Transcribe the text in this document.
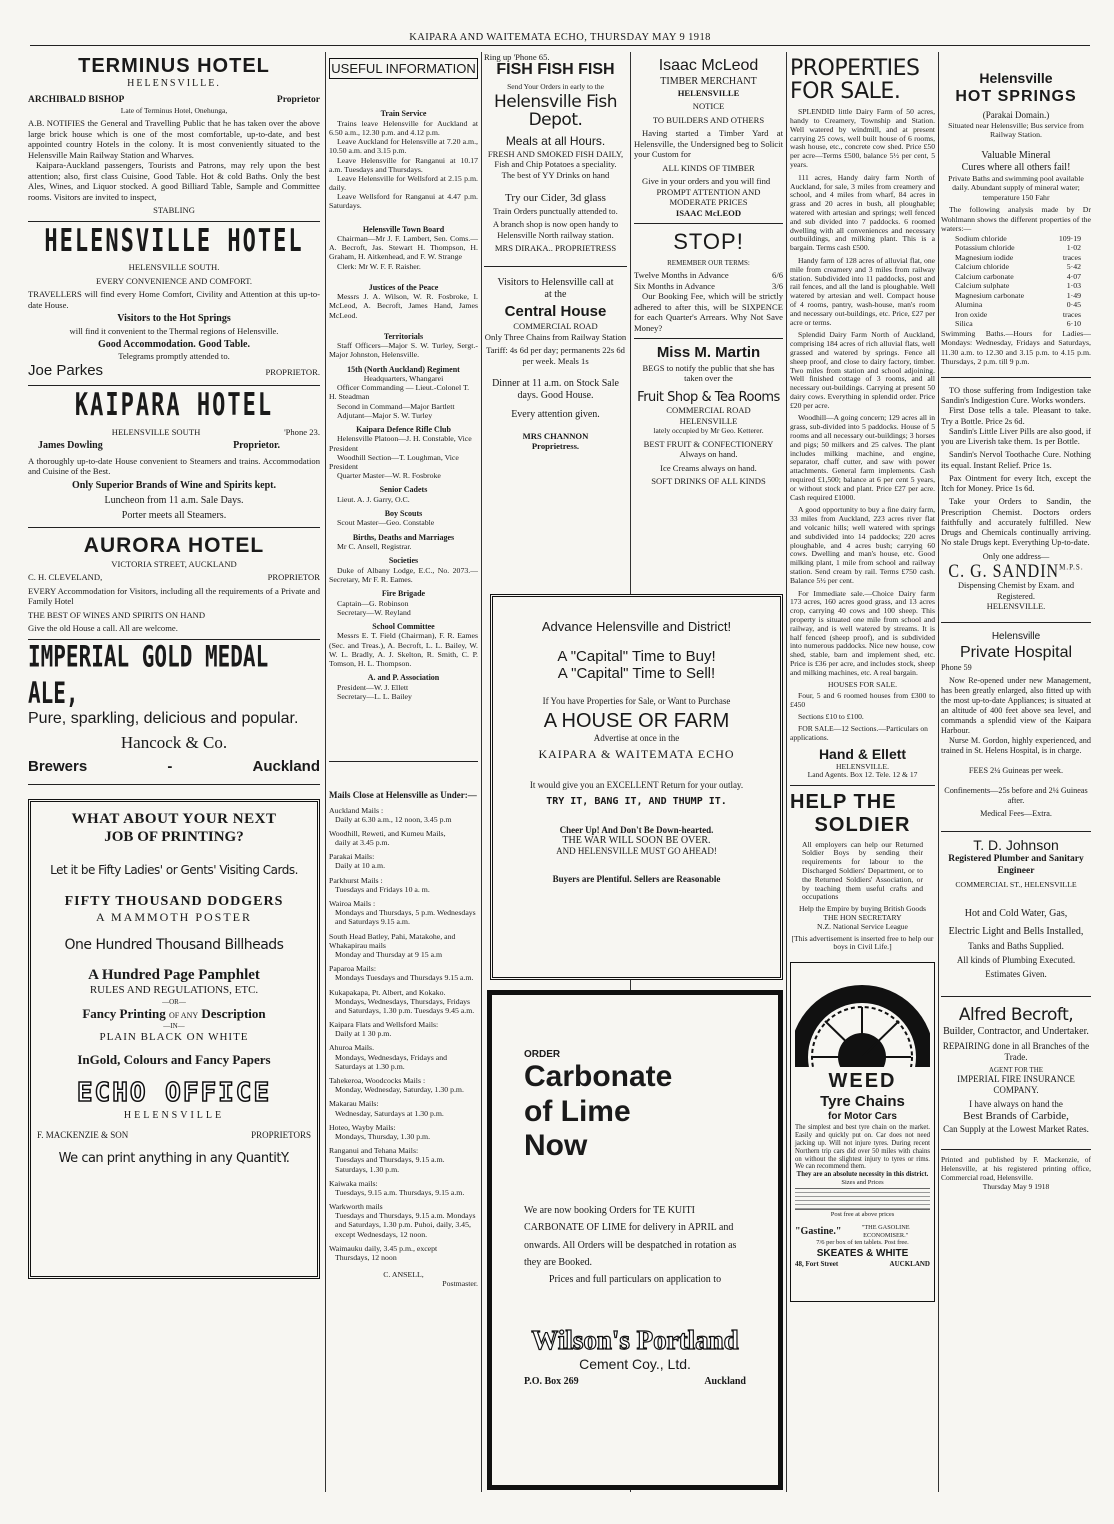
KAIPARA AND WAITEMATA ECHO, THURSDAY MAY 9 1918
TERMINUS HOTEL
HELENSVILLE.
ARCHIBALD BISHOP	Proprietor
Late of Terminus Hotel, Onehunga,
A.B. NOTIFIES the General and Travelling Public that he has taken over the above large brick house which is one of the most comfortable, up-to-date, and best appointed country Hotels in the colony. It is most conveniently situated to the Helensville Main Railway Station and Wharves.
Kaipara-Auckland passengers, Tourists and Patrons, may rely upon the best attention; also, first class Cuisine, Good Table. Hot & cold Baths. Only the best Ales, Wines, and Liquor stocked. A good Billiard Table, Sample and Committee rooms. Visitors are invited to inspect,
STABLING
HELENSVILLE HOTEL
HELENSVILLE SOUTH.
EVERY CONVENIENCE AND COMFORT.
TRAVELLERS will find every Home Comfort, Civility and Attention at this up-to-date House.
Visitors to the Hot Springs
will find it convenient to the Thermal regions of Helensville.
Good Accommodation. Good Table.
Telegrams promptly attended to.
Joe Parkes	PROPRIETOR.
KAIPARA HOTEL
HELENSVILLE SOUTH	'Phone 23.
James Dowling	Proprietor.
A thoroughly up-to-date House convenient to Steamers and trains. Accommodation and Cuisine of the Best.
Only Superior Brands of Wine and Spirits kept.
Luncheon from 11 a.m. Sale Days.
Porter meets all Steamers.
AURORA HOTEL
VICTORIA STREET, AUCKLAND
C. H. CLEVELAND,	PROPRIETOR
EVERY Accommodation for Visitors, including all the requirements of a Private and Family Hotel
THE BEST OF WINES AND SPIRITS ON HAND
Give the old House a call. All are welcome.
IMPERIAL GOLD MEDAL ALE,
Pure, sparkling, delicious and popular.
Hancock & Co.
Brewers	-	Auckland
WHAT ABOUT YOUR NEXT
JOB OF PRINTING?
Let it be Fifty Ladies' or Gents' Visiting Cards.
FIFTY THOUSAND DODGERS
A MAMMOTH POSTER
One Hundred Thousand Billheads
A Hundred Page Pamphlet
RULES AND REGULATIONS, ETC.
—OR—
Fancy Printing OF ANY Description
—IN—
PLAIN BLACK ON WHITE
InGold, Colours and Fancy Papers
ECHO OFFICE
HELENSVILLE
F. MACKENZIE & SON	PROPRIETORS
We can print anything in any QuantitY.
USEFUL INFORMATION
Train Service
Trains leave Helensville for Auckland at 6.50 a.m., 12.30 p.m. and 4.12 p.m.
Leave Auckland for Helensville at 7.20 a.m., 10.50 a.m. and 3.15 p.m.
Leave Helensville for Ranganui at 10.17 a.m. Tuesdays and Thursdays.
Leave Helensville for Wellsford at 2.15 p.m. daily.
Leave Wellsford for Ranganui at 4.47 p.m. Saturdays.
Helensville Town Board
Chairman—Mr J. F. Lambert, Sen. Coms.—A. Becroft, Jas. Stewart H. Thompson, H. Graham, H. Aitkenhead, and F. W. Strange
Clerk: Mr W. F. F. Raisher.
Justices of the Peace
Messrs J. A. Wilson, W. R. Fosbroke, I. McLeod, A. Becroft, James Hand, James McLeod.
Territorials
Staff Officers—Major S. W. Turley, Sergt.-Major Johnston, Helensville.
15th (North Auckland) Regiment
Headquarters, Whangarei
Officer Commanding — Lieut.-Colonel T. H. Steadman
Second in Command—Major Bartlett
Adjutant—Major S. W. Turley
Kaipara Defence Rifle Club
Helensville Platoon—J. H. Constable, Vice President
Woodhill Section—T. Loughman, Vice President
Quarter Master—W. R. Fosbroke
Senior Cadets
Lieut. A. J. Garry, O.C.
Boy Scouts
Scout Master—Geo. Constable
Births, Deaths and Marriages
Mr C. Ansell, Registrar.
Societies
Duke of Albany Lodge, E.C., No. 2073.—Secretary, Mr F. R. Eames.
Fire Brigade
Captain—G. Robinson
Secretary—W. Reyland
School Committee
Messrs E. T. Field (Chairman), F. R. Eames (Sec. and Treas.), A. Becroft, L. L. Bailey, W. W. L. Bradly, A. J. Skelton, R. Smith, C. P. Tomson, H. L. Thompson.
A. and P. Association
President—W. J. Ellett
Secretary—L. L. Bailey
Mails Close at Helensville as Under:—
Auckland Mails :
Daily at 6.30 a.m., 12 noon, 3.45 p.m
Woodhill, Reweti, and Kumeu Mails,
daily at 3.45 p.m.
Parakai Mails:
Daily at 10 a.m.
Parkhurst Mails :
Tuesdays and Fridays 10 a. m.
Wairoa Mails :
Mondays and Thursdays, 5 p.m. Wednesdays and Saturdays 9.15 a.m.
South Head Batley, Pahi, Matakohe, and Whakapirau mails
Monday and Thursday at 9 15 a.m
Paparoa Mails:
Mondays Tuesdays and Thursdays 9.15 a.m.
Kukapakapa, Pt. Albert, and Kokako.
Mondays, Wednesdays, Thursdays, Fridays and Saturdays, 1.30 p.m. Tuesdays 9.45 a.m.
Kaipara Flats and Wellsford Mails:
Daily at 1 30 p.m.
Ahuroa Mails.
Mondays, Wednesdays, Fridays and Saturdays at 1.30 p.m.
Tahekeroa, Woodcocks Mails :
Monday, Wednesday, Saturday, 1.30 p.m.
Makarau Mails:
Wednesday, Saturdays at 1.30 p.m.
Hoteo, Wayby Mails:
Mondays, Thursday, 1.30 p.m.
Ranganui and Tehana Mails:
Tuesdays and Thursdays, 9.15 a.m. Saturdays, 1.30 p.m.
Kaiwaka mails:
Tuesdays, 9.15 a.m. Thursdays, 9.15 a.m.
Warkworth mails
Tuesdays and Thursdays, 9.15 a.m. Mondays and Saturdays, 1.30 p.m. Puhoi, daily, 3.45, except Wednesdays, 12 noon.
Waimauku daily, 3.45 p.m., except
Thursdays, 12 noon
C. ANSELL,
Postmaster.
Ring up 'Phone 65.
FISH FISH FISH
Send Your Orders in early to the
Helensville Fish Depot.
Meals at all Hours.
FRESH AND SMOKED FISH DAILY,
Fish and Chip Potatoes a speciality.
The best of YY Drinks on hand
Try our Cider, 3d glass
Train Orders punctually attended to.
A branch shop is now open handy to Helensville North railway station.
MRS DIRAKA.. PROPRIETRESS
Visitors to Helensville call at
at the
Central House
COMMERCIAL ROAD
Only Three Chains from Railway Station
Tariff: 4s 6d per day; permanents 22s 6d per week. Meals 1s
Dinner at 11 a.m. on Stock Sale days. Good House.
Every attention given.
MRS CHANNON
Proprietress.
Isaac McLeod
TIMBER MERCHANT
HELENSVILLE
NOTICE
TO BUILDERS AND OTHERS
Having started a Timber Yard at Helensville, the Undersigned beg to Solicit your Custom for
ALL KINDS OF TIMBER
Give in your orders and you will find
PROMPT ATTENTION AND
MODERATE PRICES
ISAAC McLEOD
STOP!
REMEMBER OUR TERMS:
Twelve Months in Advance	6/6
Six Months in Advance	3/6
Our Booking Fee, which will be strictly adhered to after this, will be SIXPENCE for each Quarter's Arrears. Why Not Save Money?
Miss M. Martin
BEGS to notify the public that she has taken over the
Fruit Shop & Tea Rooms
COMMERCIAL ROAD
HELENSVILLE
lately occupied by Mr Geo. Ketterer.
BEST FRUIT & CONFECTIONERY
Always on hand.
Ice Creams always on hand.
SOFT DRINKS OF ALL KINDS
Advance Helensville and District!
A "Capital" Time to Buy!
A "Capital" Time to Sell!
If You have Properties for Sale, or Want to Purchase
A HOUSE OR FARM
Advertise at once in the
KAIPARA & WAITEMATA ECHO
It would give you an EXCELLENT Return for your outlay.
TRY IT, BANG IT, AND THUMP IT.
Cheer Up! And Don't Be Down-hearted.
THE WAR WILL SOON BE OVER.
AND HELENSVILLE MUST GO AHEAD!
Buyers are Plentiful. Sellers are Reasonable
ORDER
Carbonate
of Lime
Now
We are now booking Orders for TE KUITI CARBONATE OF LIME for delivery in APRIL and onwards. All Orders will be despatched in rotation as they are Booked.
Prices and full particulars on application to
Wilson's Portland
Cement Coy., Ltd.
P.O. Box 269	Auckland
PROPERTIES
FOR SALE.
SPLENDID little Dairy Farm of 50 acres, handy to Creamery, Township and Station. Well watered by windmill, and at present carrying 25 cows, well built house of 6 rooms, wash house, etc., concrete cow shed. Price £50 per acre—Terms £500, balance 5½ per cent, 5 years.
111 acres, Handy dairy farm North of Auckland, for sale, 3 miles from creamery and school, and 4 miles from wharf, 84 acres in grass and 20 acres in bush, all ploughable; watered with artesian and springs; well fenced and sub divided into 7 paddocks. 6 roomed dwelling with all conveniences and necessary outbuildings, and milking plant. This is a bargain. Terms cash £500.
Handy farm of 128 acres of alluvial flat, one mile from creamery and 3 miles from railway station. Subdivided into 11 paddocks, post and rail fences, and all the land is ploughable. Well watered by artesian and well. Compact house of 4 rooms, pantry, wash-house, man's room and necessary out-buildings, etc. Price, £27 per acre or terms.
Splendid Dairy Farm North of Auckland, comprising 184 acres of rich alluvial flats, well grassed and watered by springs. Fence all sheep proof, and close to dairy factory, timber. Two miles from station and school adjoining. Well finished cottage of 3 rooms, and all necessary out-buildings. Carrying at present 50 dairy cows. Everything in splendid order. Price £20 per acre.
Woodhill—A going concern; 129 acres all in grass, sub-divided into 5 paddocks. House of 5 rooms and all necessary out-buildings; 3 horses and pigs; 50 milkers and 25 calves. The plant includes milking machine, and engine, separator, chaff cutter, and saw with power attachments. General farm implements. Cash required £1,500; balance at 6 per cent 5 years, or without stock and plant. Price £27 per acre. Cash required £1000.
A good opportunity to buy a fine dairy farm, 33 miles from Auckland, 223 acres river flat and volcanic hills; well watered with springs and subdivided into 14 paddocks; 220 acres ploughable, and 4 acres bush; carrying 60 cows. Dwelling and man's house, etc. Good milking plant, 1 mile from school and railway station. Send cream by rail. Terms £750 cash. Balance 5½ per cent.
For Immediate sale.—Choice Dairy farm 173 acres, 160 acres good grass, and 13 acres crop, carrying 40 cows and 100 sheep. This property is situated one mile from school and railway, and is well watered by streams. It is half fenced (sheep proof), and is subdivided into numerous paddocks. Nice new house, cow shed, stable, barn and implement shed, etc. Price is £36 per acre, and includes stock, sheep and milking machines, etc. A real bargain.
HOUSES FOR SALE.
Four, 5 and 6 roomed houses from £300 to £450
Sections £10 to £100.
FOR SALE—12 Sections.—Particulars on applications.
Hand & Ellett
HELENSVILLE.
Land Agents. Box 12. Tele. 12 & 17
HELP THE
SOLDIER
All employers can help our Returned Soldier Boys by sending their requirements for labour to the Discharged Soldiers' Department, or to the Returned Soldiers' Association, or by teaching them useful crafts and occupations
Help the Empire by buying British Goods
THE HON SECRETARY
N.Z. National Service League
[This advertisement is inserted free to help our boys in Civil Life.]
WEED
Tyre Chains
for Motor Cars
The simplest and best tyre chain on the market. Easily and quickly put on. Car does not need jacking up. Will not injure tyres. During recent Northern trip cars did over 50 miles with chains on without the slightest injury to tyres or rims. We can recommend them.
They are an absolute necessity in this district.
Sizes and Prices
Post free at above prices
"Gastine."	"THE GASOLINE ECONOMISER."
7/6 per box of ten tablets. Post free.
SKEATES & WHITE
48, Fort Street	AUCKLAND
Helensville
HOT SPRINGS
(Parakai Domain.)
Situated near Helensville; Bus service from Railway Station.
Valuable Mineral
Cures where all others fail!
Private Baths and swimming pool available daily. Abundant supply of mineral water; temperature 150 Fahr
The following analysis made by Dr Wohlmann shows the different properties of the waters:—
Sodium chloride	109·19
Potassium chloride	1·02
Magnesium iodide	traces
Calcium chloride	5·42
Calcium carbonate	4·07
Calcium sulphate	1·03
Magnesium carbonate	1·49
Alumina	0·45
Iron oxide	traces
Silica	6·10
Swimming Baths.—Hours for Ladies—Mondays: Wednesday, Fridays and Saturdays, 11.30 a.m. to 12.30 and 3.15 p.m. to 4.15 p.m. Thursdays, 2 p.m. till 9 p.m.
TO those suffering from Indigestion take Sandin's Indigestion Cure. Works wonders.
First Dose tells a tale. Pleasant to take. Try a Bottle. Price 2s 6d.
Sandin's Little Liver Pills are also good, if you are Liverish take them. 1s per Bottle.
Sandin's Nervol Toothache Cure. Nothing its equal. Instant Relief. Price 1s.
Pax Ointment for every Itch, except the Itch for Money. Price 1s 6d.
Take your Orders to Sandin, the Prescription Chemist. Doctors orders faithfully and accurately fulfilled. New Drugs and Chemicals continually arriving. No stale Drugs kept. Everything Up-to-date.
Only one address—
C. G. $SANDIN^{M.P.S.}$
Dispensing Chemist by Exam. and Registered.
HELENSVILLE.
Helensville
Private Hospital
Phone 59
Now Re-opened under new Management, has been greatly enlarged, also fitted up with the most up-to-date Appliances; is situated at an altitude of 400 feet above sea level, and commands a splendid view of the Kaipara Harbour.
Nurse M. Gordon, highly experienced, and trained in St. Helens Hospital, is in charge.
FEES 2¼ Guineas per week.
Confinements—25s before and 2¼ Guineas after.
Medical Fees—Extra.
T. D. Johnson
Registered Plumber and Sanitary Engineer
COMMERCIAL ST., HELENSVILLE
Hot and Cold Water, Gas,
Electric Light and Bells Installed,
Tanks and Baths Supplied.
All kinds of Plumbing Executed.
Estimates Given.
Alfred Becroft,
Builder, Contractor, and Undertaker.
REPAIRING done in all Branches of the Trade.
AGENT FOR THE
IMPERIAL FIRE INSURANCE COMPANY.
I have always on hand the
Best Brands of Carbide,
Can Supply at the Lowest Market Rates.
Printed and published by F. Mackenzie, of Helensville, at his registered printing office, Commercial road, Helensville.
Thursday May 9 1918
